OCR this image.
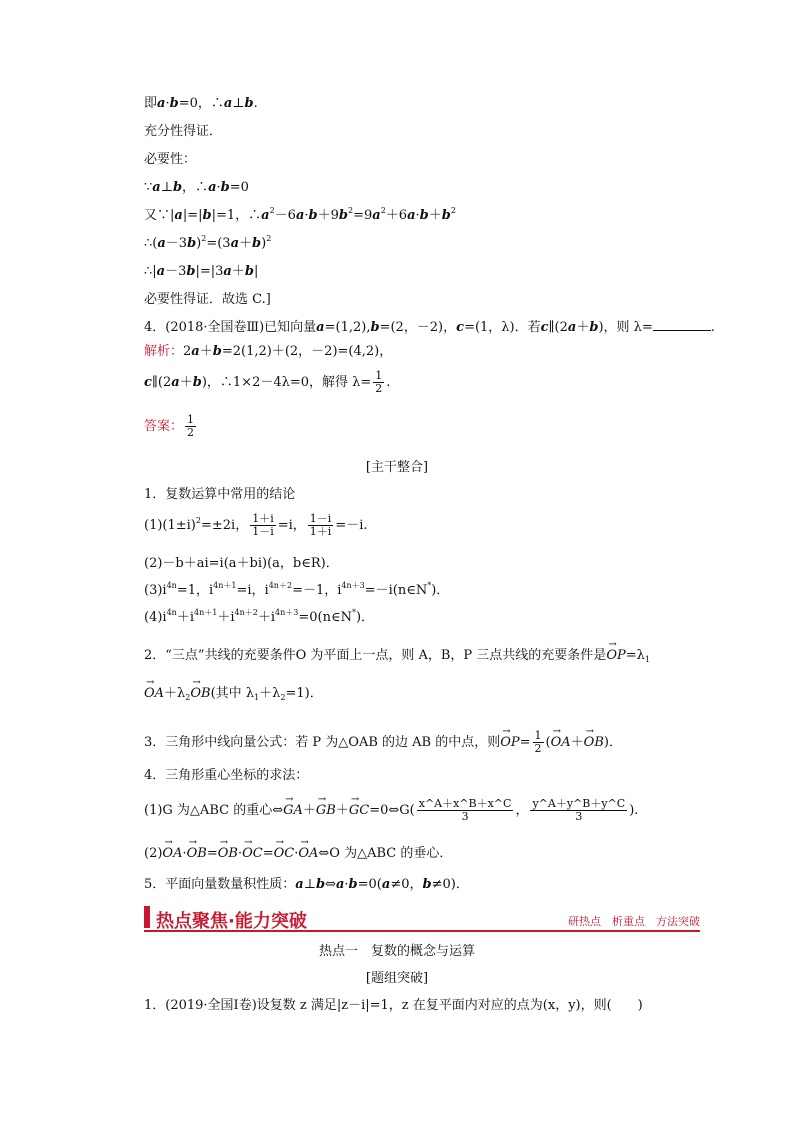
即a·b=0，∴a⊥b.
充分性得证．
必要性：
∵a⊥b，∴a·b=0
又∵|a|=|b|=1，$\therefore a^2-6a\cdot b+9b^2=9a^2+6a\cdot b+b^2$
$\therefore(a-3b)^2=(3a+b)^2$
∴|a－3b|=|3a＋b|
必要性得证．故选 C.]
4．(2018·全国卷Ⅲ)已知向量a=(1,2),b=(2，－2)，c=(1，λ)．若c∥(2a＋b)，则 λ=	.
解析：2a＋b=2(1,2)＋(2，－2)=(4,2)，
c∥(2a＋b)，∴1×2－4λ=0，解得 $\lambda= \frac{1}{2}$ .
答案： $\frac{1}{2}$
[主干整合]
1．复数运算中常用的结论
$(1)(1\pm i)^2=\pm 2i$， $\frac{1+i}{1-i} =i$， $\frac{1-i}{1+i} =-i$.
(2)－b＋ai=i(a＋bi)(a，b∈R)．
$(3)i^{4n}=1$，$i^{4n+1}=i$，$i^{4n+2}=-1$，$i^{4n+3}=-i(n\in N^*)$．
$(4)i^{4n}+i^{4n+1}+i^{4n+2}+i^{4n+3}=0(n\in N^*)$．
2．“三点”共线的充要条件O 为平面上一点，则 A，B，P 三点共线的充要条件是→ $OP=\lambda_1$
→ $OA+\lambda_2\to OB$(其中 $\lambda_1+\lambda_2=1$)．
3．三角形中线向量公式：若 P 为△OAB 的边 AB 的中点，则→ $OP= \frac{1}{2}$ (→ OA＋→ OB)．
4．三角形重心坐标的求法：
(1)G 为△ABC 的重心⇔→ GA＋→ GB＋→ GC=0⇔G( $\frac{x\^{}A+x\^{}B+x\^{}C}{3}$ ， $\frac{y\^{}A+y\^{}B+y\^{}C}{3}$ ).
(2)→ OA·→ OB=→ OB·→ OC=→ OC·→ OA⇔O 为△ABC 的垂心．
5．平面向量数量积性质：a⊥b⇔a·b=0(a≠0，b≠0)．
热点聚焦·能力突破	研热点　析重点　方法突破
热点一　复数的概念与运算
[题组突破]
1．(2019·全国Ⅰ卷)设复数 z 满足|z－i|=1，z 在复平面内对应的点为(x，y)，则(　　)
